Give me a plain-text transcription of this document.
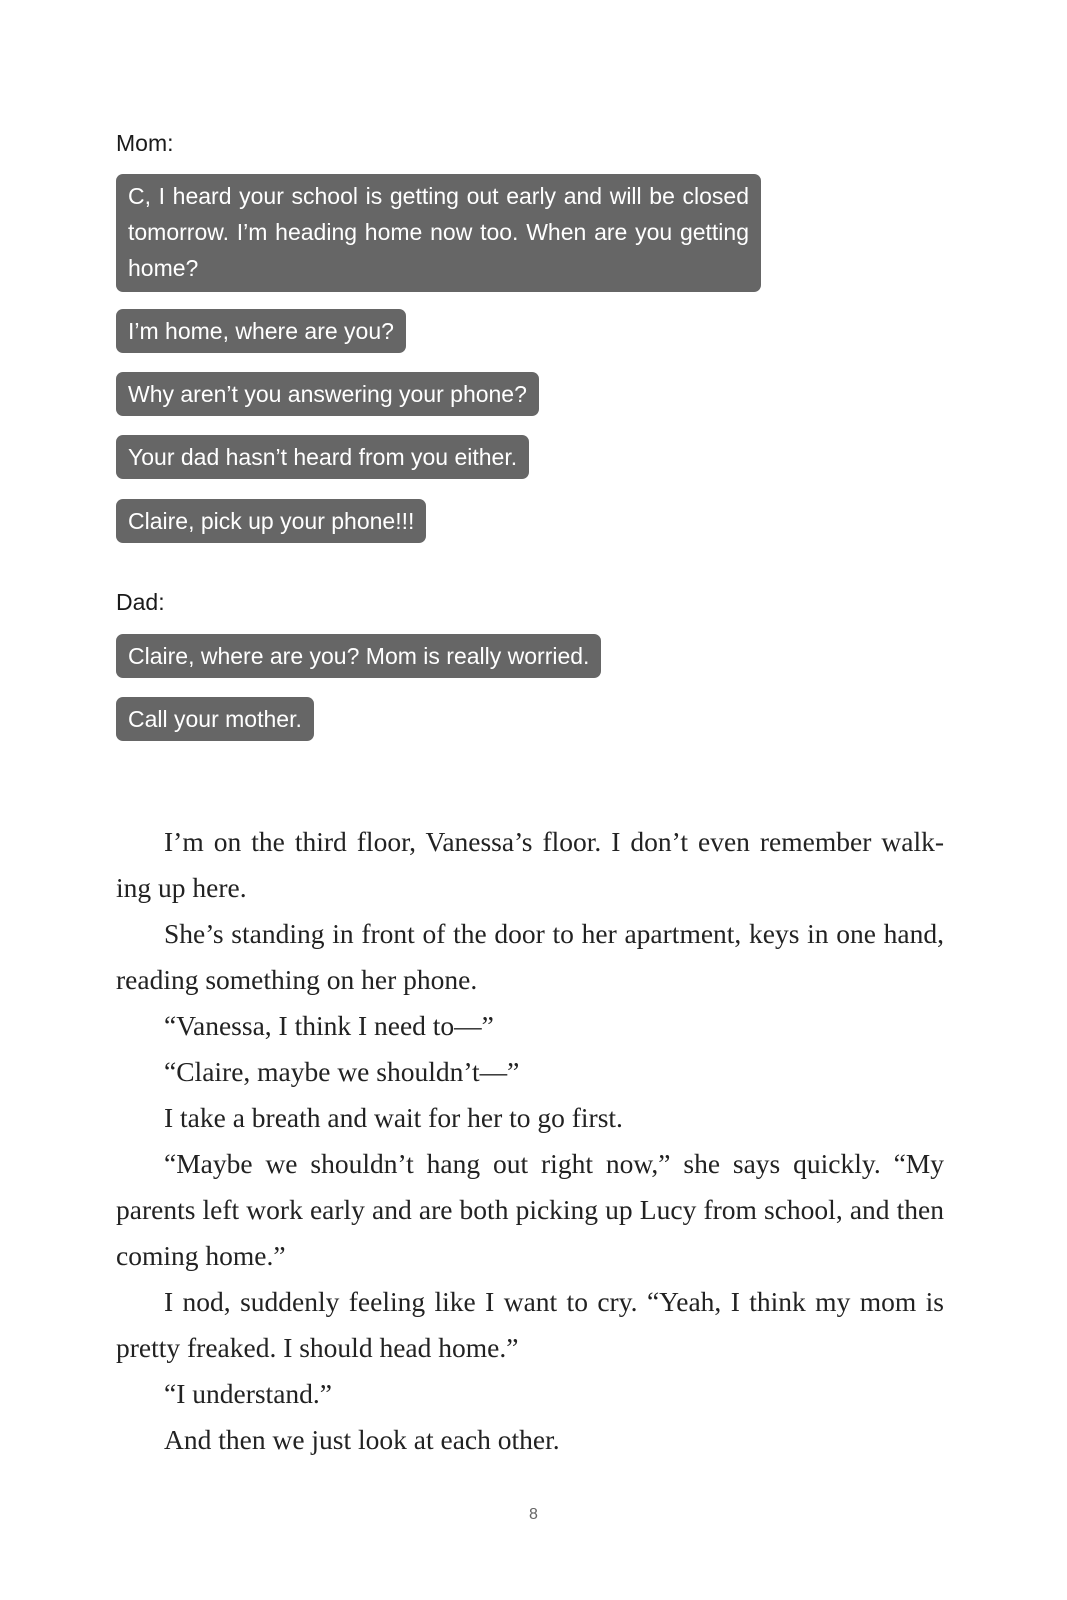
Mom:
C, I heard your school is getting out early and will be closed tomorrow. I’m heading home now too. When are you getting home?
I’m home, where are you?
Why aren’t you answering your phone?
Your dad hasn’t heard from you either.
Claire, pick up your phone!!!
Dad:
Claire, where are you? Mom is really worried.
Call your mother.

I’m on the third floor, Vanessa’s floor. I don’t even remember walk-ing up here.

She’s standing in front of the door to her apartment, keys in one hand, reading something on her phone.

“Vanessa, I think I need to—”

“Claire, maybe we shouldn’t—”

I take a breath and wait for her to go first.

“Maybe we shouldn’t hang out right now,” she says quickly. “My parents left work early and are both picking up Lucy from school, and then coming home.”

I nod, suddenly feeling like I want to cry. “Yeah, I think my mom is pretty freaked. I should head home.”

“I understand.”

And then we just look at each other.

8
